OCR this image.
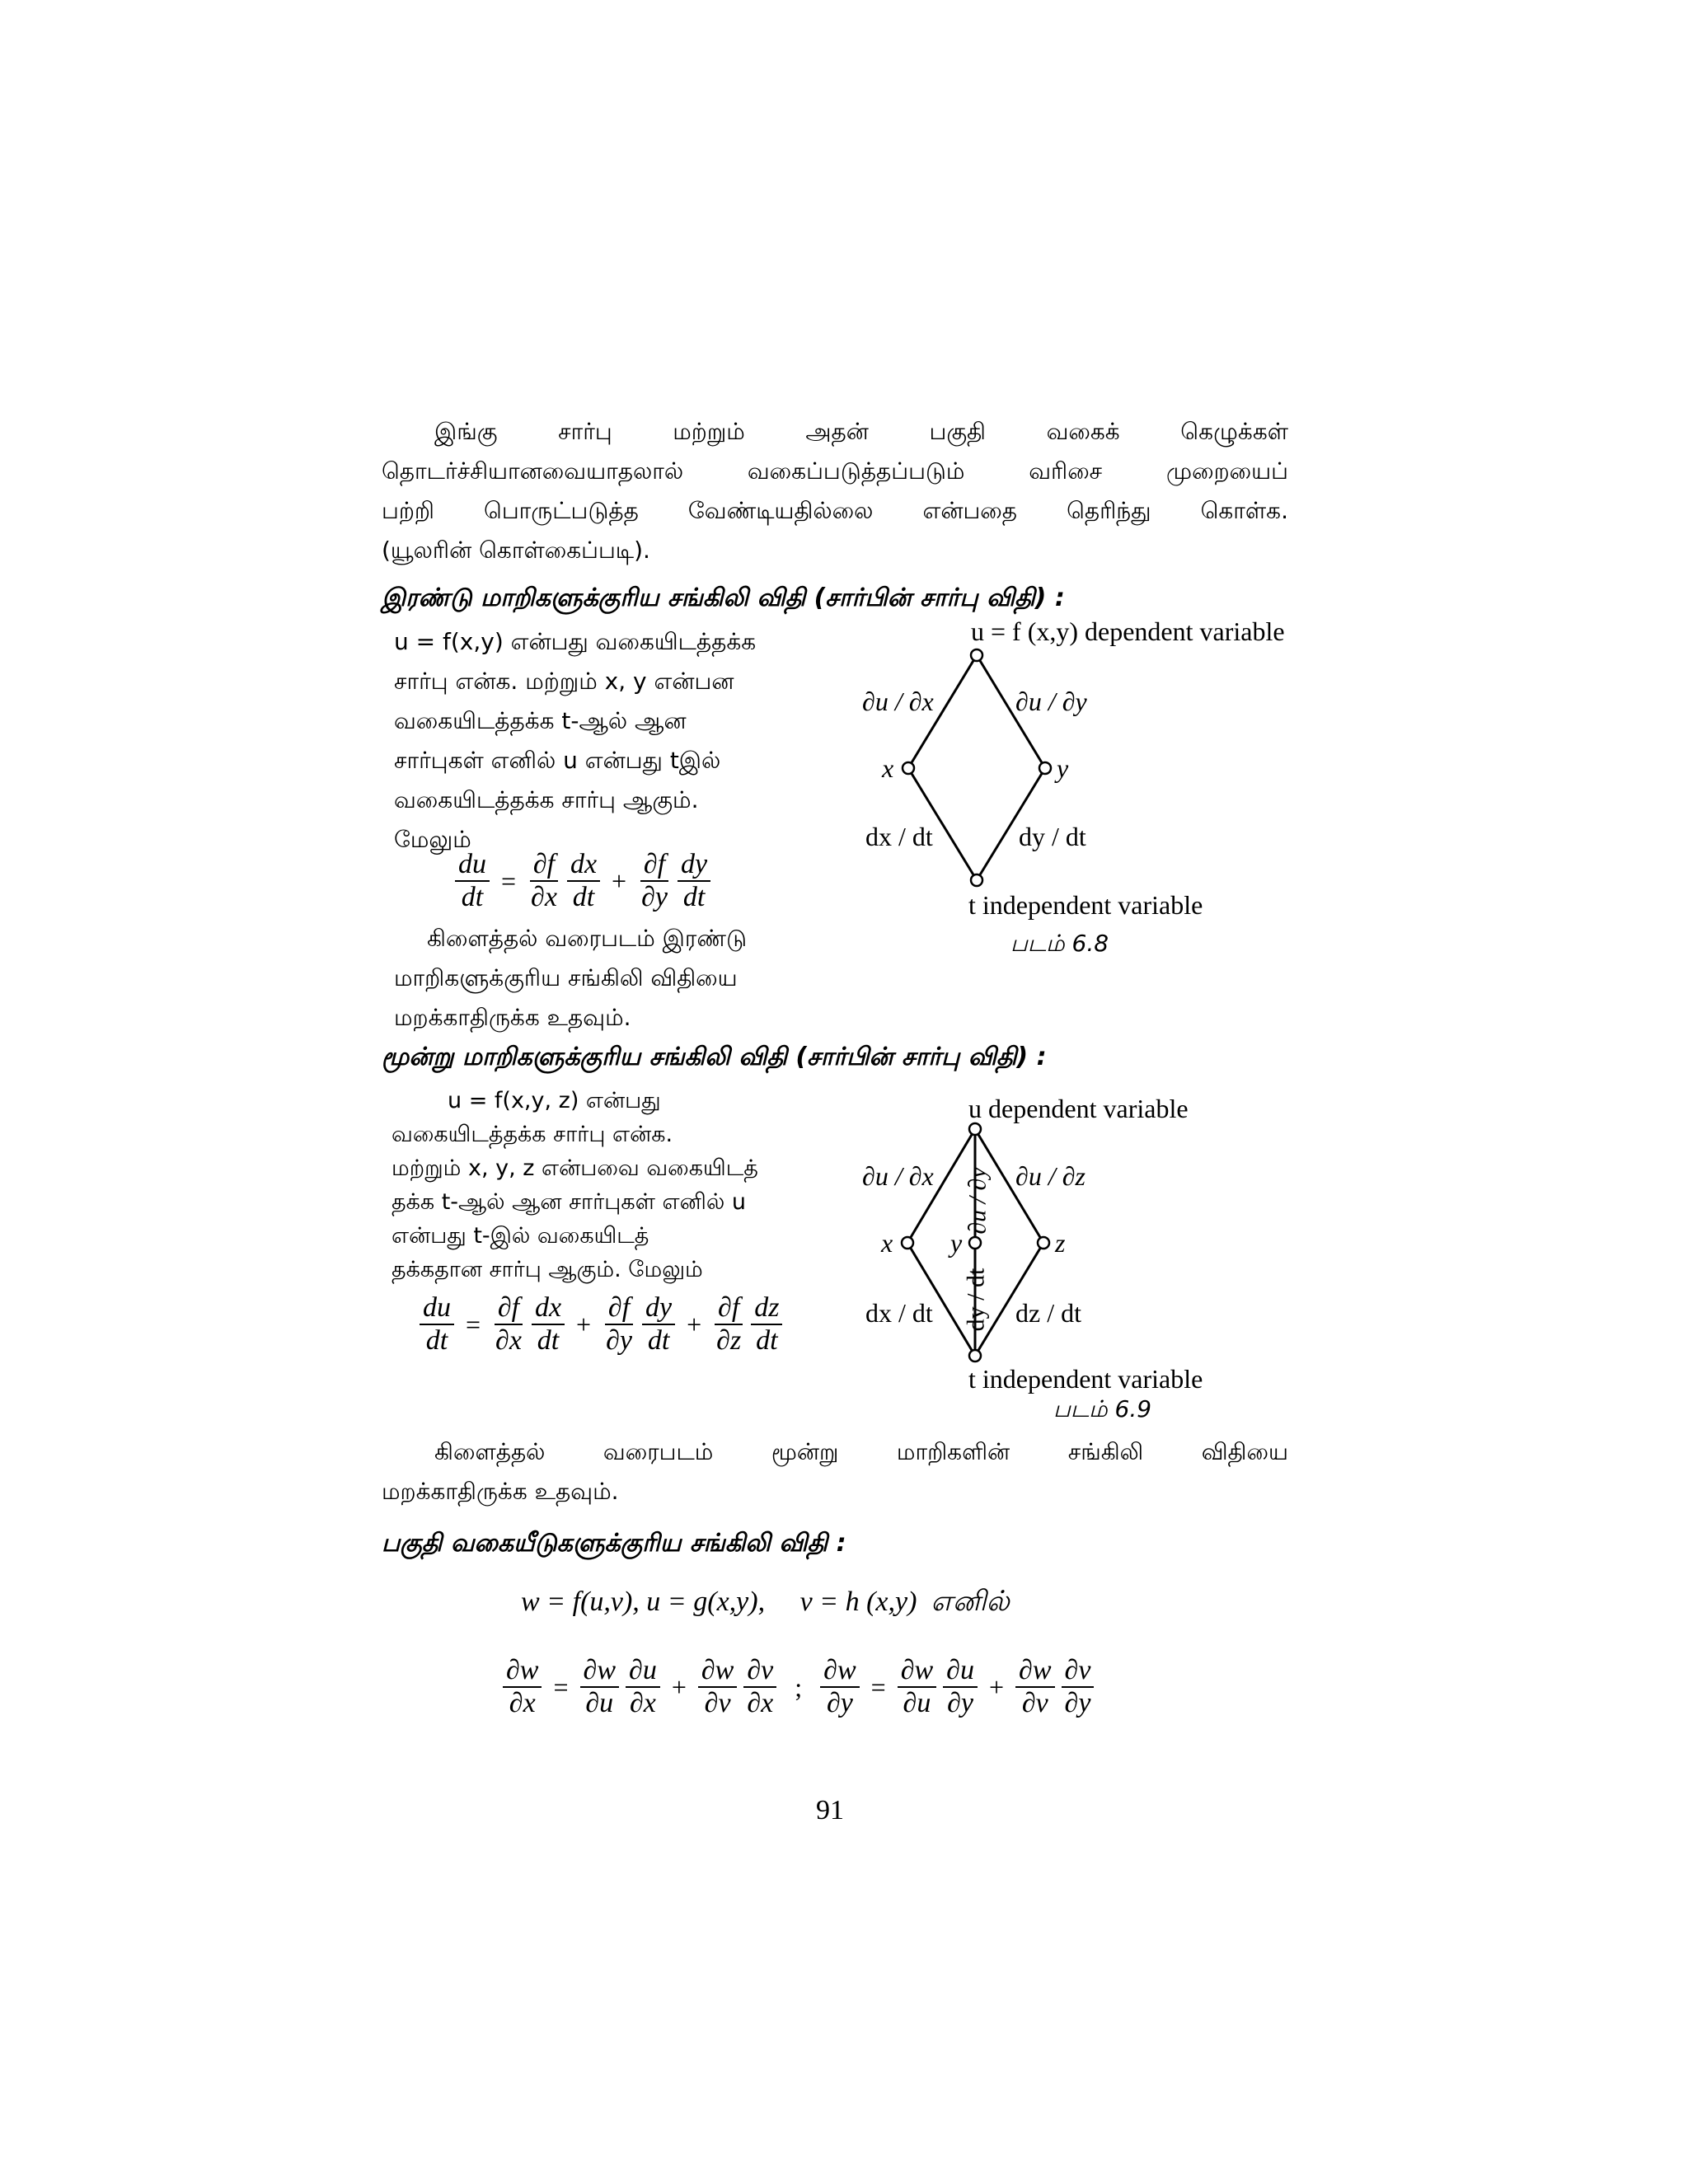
இங்கு சார்பு மற்றும் அதன் பகுதி வகைக் கெழுக்கள்
தொடர்ச்சியானவையாதலால் வகைப்படுத்தப்படும் வரிசை முறையைப்
பற்றி பொருட்படுத்த வேண்டியதில்லை என்பதை தெரிந்து கொள்க.
(யூலரின் கொள்கைப்படி).
இரண்டு மாறிகளுக்குரிய சங்கிலி விதி (சார்பின் சார்பு விதி) :
u = f(x,y) என்பது வகையிடத்தக்க
சார்பு என்க. மற்றும் x, y என்பன
வகையிடத்தக்க t-ஆல் ஆன
சார்புகள் எனில் u என்பது tஇல்
வகையிடத்தக்க சார்பு ஆகும்.
மேலும்
$\frac{du}{dt} = \frac{\partial f}{\partial x} \frac{dx}{dt} + \frac{\partial f}{\partial y} \frac{dy}{dt}$
கிளைத்தல் வரைபடம் இரண்டு
மாறிகளுக்குரிய சங்கிலி விதியை
மறக்காதிருக்க உதவும்.
u = f (x,y) dependent variable
∂u / ∂x	∂u / ∂y
x	y
dx / dt	dy / dt
t independent variable
படம் 6.8
மூன்று மாறிகளுக்குரிய சங்கிலி விதி (சார்பின் சார்பு விதி) :
u = f(x,y, z) என்பது
வகையிடத்தக்க சார்பு என்க.
மற்றும் x, y, z என்பவை வகையிடத்
தக்க t-ஆல் ஆன சார்புகள் எனில் u
என்பது t-இல் வகையிடத்
தக்கதான சார்பு ஆகும். மேலும்
$\frac{du}{dt} = \frac{\partial f}{\partial x} \frac{dx}{dt} + \frac{\partial f}{\partial y} \frac{dy}{dt} + \frac{\partial f}{\partial z} \frac{dz}{dt}$
u dependent variable
∂u / ∂x	∂u / ∂z
∂u / ∂y
x y	z
dy / dt
dx / dt	dz / dt
t independent variable
படம் 6.9
கிளைத்தல் வரைபடம் மூன்று மாறிகளின் சங்கிலி விதியை
மறக்காதிருக்க உதவும்.
பகுதி வகையீடுகளுக்குரிய சங்கிலி விதி :
w = f(u,v), u = g(x,y),     v = h (x,y)  எனில்
$\frac{\partial w}{\partial x} = \frac{\partial w}{\partial u} \frac{\partial u}{\partial x} + \frac{\partial w}{\partial v} \frac{\partial v}{\partial x}$ ; $\frac{\partial w}{\partial y} = \frac{\partial w}{\partial u} \frac{\partial u}{\partial y} + \frac{\partial w}{\partial v} \frac{\partial v}{\partial y}$
91
